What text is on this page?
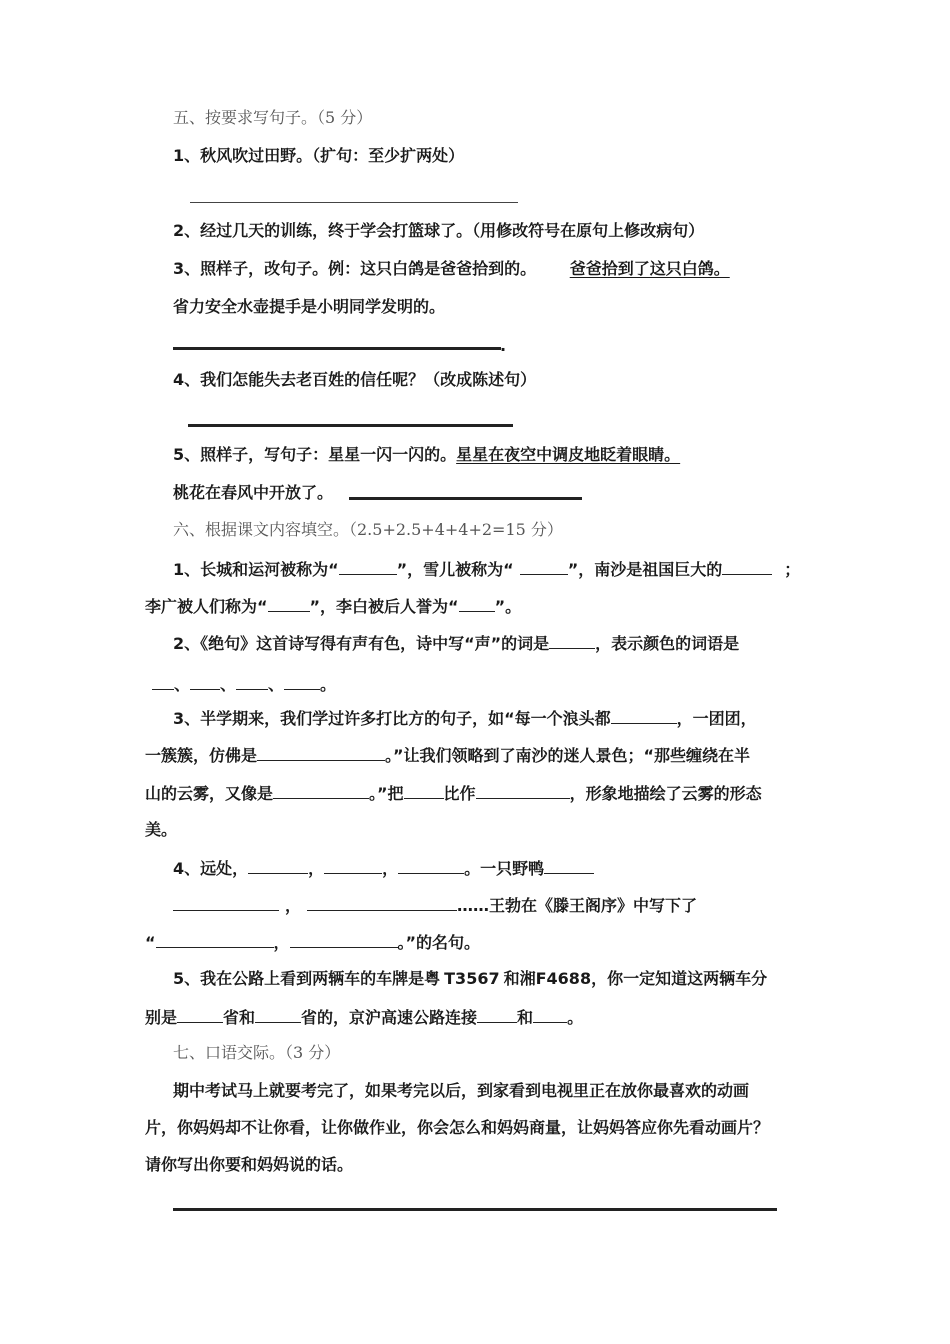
五、按要求写句子。（5 分）
1、秋风吹过田野。（扩句：至少扩两处）
2、经过几天的训练，终于学会打篮球了。（用修改符号在原句上修改病句）
3、照样子，改句子。例：这只白鸽是爸爸拾到的。 爸爸拾到了这只白鸽。
省力安全水壶提手是小明同学发明的。
.
4、我们怎能失去老百姓的信任呢？（改成陈述句）
5、照样子，写句子：星星一闪一闪的。星星在夜空中调皮地眨着眼睛。
桃花在春风中开放了。
六、根据课文内容填空。（2.5+2.5+4+4+2=15 分）
1、长城和运河被称为“	”，雪儿被称为“	”，南沙是祖国巨大的	；
李广被人们称为“	”，李白被后人誉为“ ”。
2、《绝句》这首诗写得有声有色，诗中写“声”的词是	，表示颜色的词语是
、 、 、 。
3、半学期来，我们学过许多打比方的句子，如“每一个浪头都	，一团团，
一簇簇，仿佛是	。”让我们领略到了南沙的迷人景色；“那些缠绕在半
山的云雾，又像是	。”把	比作	，形象地描绘了云雾的形态
美。
4、远处，	，	，	。一只野鸭
，	……王勃在《滕王阁序》中写下了
“	，	。”的名句。
5、我在公路上看到两辆车的车牌是粤 T3567 和湘F4688，你一定知道这两辆车分
别是	省和	省的，京沪高速公路连接	和 。
七、口语交际。（3 分）
期中考试马上就要考完了，如果考完以后，到家看到电视里正在放你最喜欢的动画
片，你妈妈却不让你看，让你做作业，你会怎么和妈妈商量，让妈妈答应你先看动画片？
请你写出你要和妈妈说的话。
